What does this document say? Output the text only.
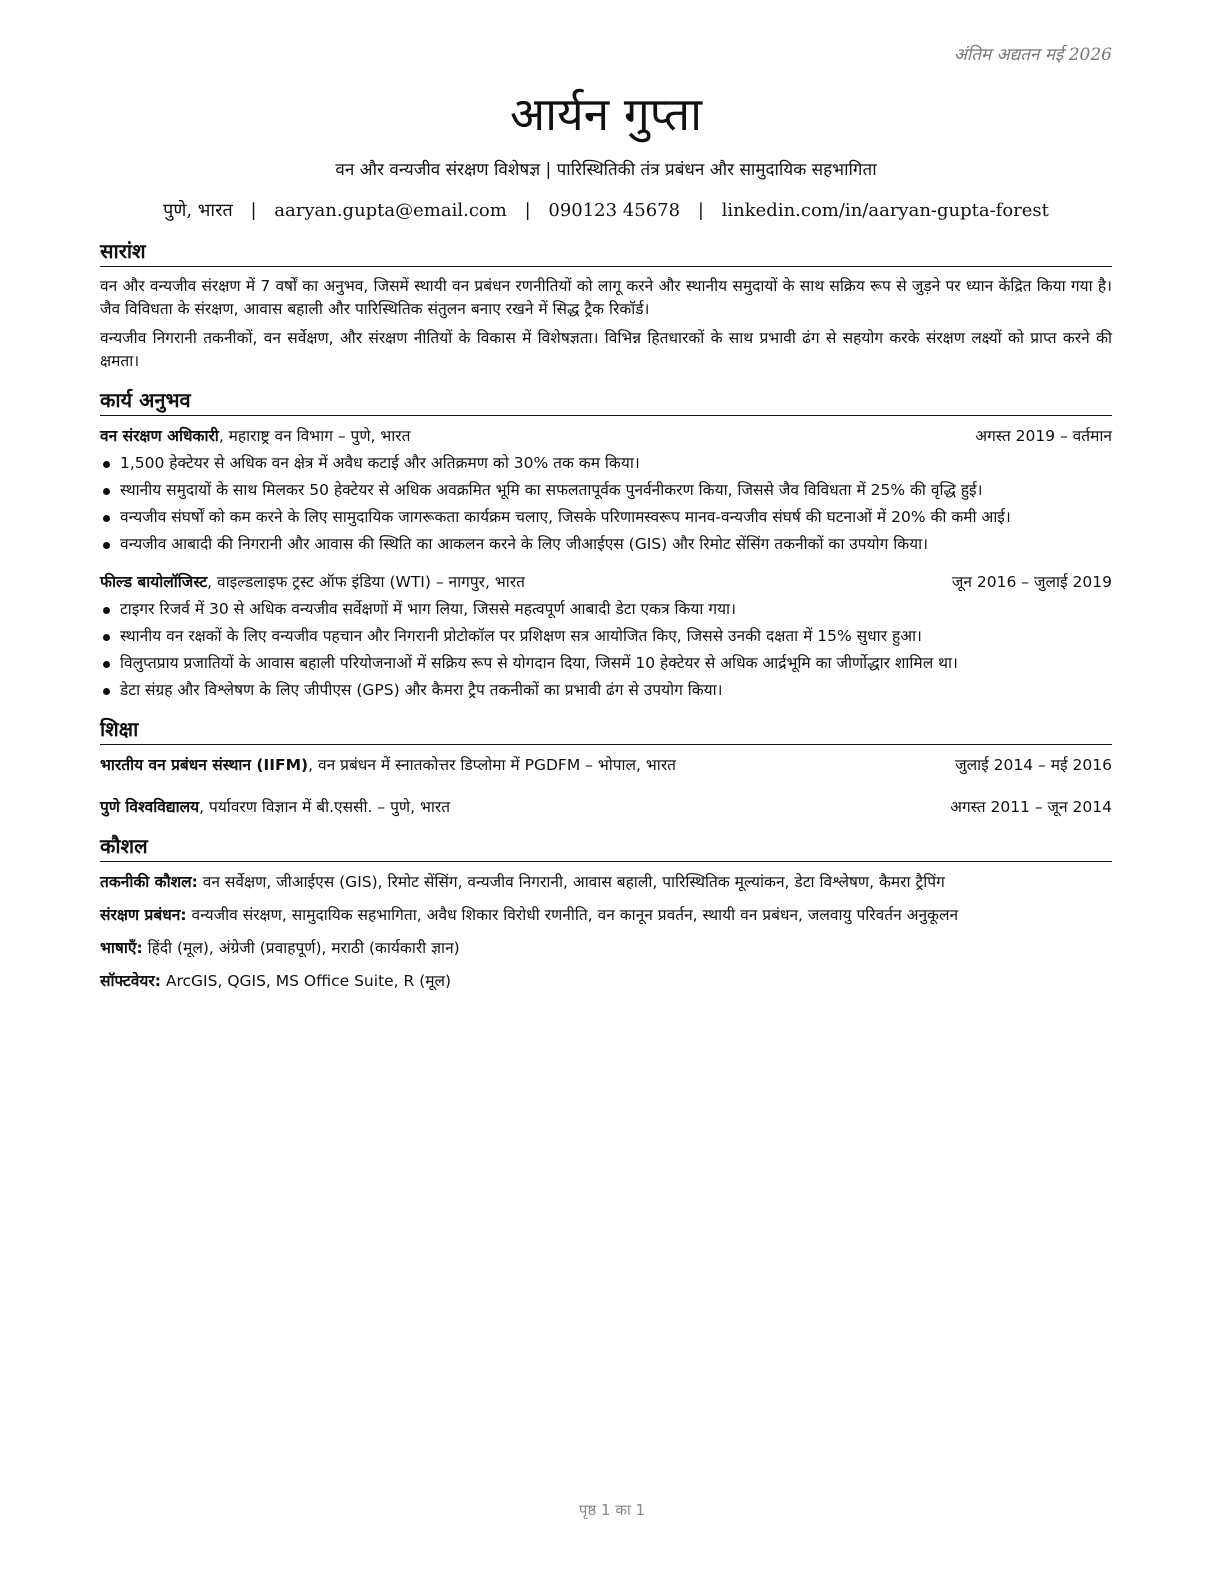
अंतिम अद्यतन मई 2026
आर्यन गुप्ता
वन और वन्यजीव संरक्षण विशेषज्ञ | पारिस्थितिकी तंत्र प्रबंधन और सामुदायिक सहभागिता
पुणे, भारत | aaryan.gupta@email.com | 090123 45678 | linkedin.com/in/aaryan-gupta-forest
सारांश

वन और वन्यजीव संरक्षण में 7 वर्षों का अनुभव, जिसमें स्थायी वन प्रबंधन रणनीतियों को लागू करने और स्थानीय समुदायों के साथ सक्रिय रूप से जुड़ने पर ध्यान केंद्रित किया गया है। जैव विविधता के संरक्षण, आवास बहाली और पारिस्थितिक संतुलन बनाए रखने में सिद्ध ट्रैक रिकॉर्ड।

वन्यजीव निगरानी तकनीकों, वन सर्वेक्षण, और संरक्षण नीतियों के विकास में विशेषज्ञता। विभिन्न हितधारकों के साथ प्रभावी ढंग से सहयोग करके संरक्षण लक्ष्यों को प्राप्त करने की क्षमता।

कार्य अनुभव
वन संरक्षण अधिकारी, महाराष्ट्र वन विभाग – पुणे, भारत	अगस्त 2019 – वर्तमान
1,500 हेक्टेयर से अधिक वन क्षेत्र में अवैध कटाई और अतिक्रमण को 30% तक कम किया।
स्थानीय समुदायों के साथ मिलकर 50 हेक्टेयर से अधिक अवक्रमित भूमि का सफलतापूर्वक पुनर्वनीकरण किया, जिससे जैव विविधता में 25% की वृद्धि हुई।
वन्यजीव संघर्षों को कम करने के लिए सामुदायिक जागरूकता कार्यक्रम चलाए, जिसके परिणामस्वरूप मानव-वन्यजीव संघर्ष की घटनाओं में 20% की कमी आई।
वन्यजीव आबादी की निगरानी और आवास की स्थिति का आकलन करने के लिए जीआईएस (GIS) और रिमोट सेंसिंग तकनीकों का उपयोग किया।
फील्ड बायोलॉजिस्ट, वाइल्डलाइफ ट्रस्ट ऑफ इंडिया (WTI) – नागपुर, भारत	जून 2016 – जुलाई 2019
टाइगर रिजर्व में 30 से अधिक वन्यजीव सर्वेक्षणों में भाग लिया, जिससे महत्वपूर्ण आबादी डेटा एकत्र किया गया।
स्थानीय वन रक्षकों के लिए वन्यजीव पहचान और निगरानी प्रोटोकॉल पर प्रशिक्षण सत्र आयोजित किए, जिससे उनकी दक्षता में 15% सुधार हुआ।
विलुप्तप्राय प्रजातियों के आवास बहाली परियोजनाओं में सक्रिय रूप से योगदान दिया, जिसमें 10 हेक्टेयर से अधिक आर्द्रभूमि का जीर्णोद्धार शामिल था।
डेटा संग्रह और विश्लेषण के लिए जीपीएस (GPS) और कैमरा ट्रैप तकनीकों का प्रभावी ढंग से उपयोग किया।
शिक्षा
भारतीय वन प्रबंधन संस्थान (IIFM), वन प्रबंधन में स्नातकोत्तर डिप्लोमा में PGDFM – भोपाल, भारत	जुलाई 2014 – मई 2016
पुणे विश्वविद्यालय, पर्यावरण विज्ञान में बी.एससी. – पुणे, भारत	अगस्त 2011 – जून 2014
कौशल
तकनीकी कौशल: वन सर्वेक्षण, जीआईएस (GIS), रिमोट सेंसिंग, वन्यजीव निगरानी, आवास बहाली, पारिस्थितिक मूल्यांकन, डेटा विश्लेषण, कैमरा ट्रैपिंग
संरक्षण प्रबंधन: वन्यजीव संरक्षण, सामुदायिक सहभागिता, अवैध शिकार विरोधी रणनीति, वन कानून प्रवर्तन, स्थायी वन प्रबंधन, जलवायु परिवर्तन अनुकूलन
भाषाएँ: हिंदी (मूल), अंग्रेजी (प्रवाहपूर्ण), मराठी (कार्यकारी ज्ञान)
सॉफ्टवेयर: ArcGIS, QGIS, MS Office Suite, R (मूल)
पृष्ठ 1 का 1
